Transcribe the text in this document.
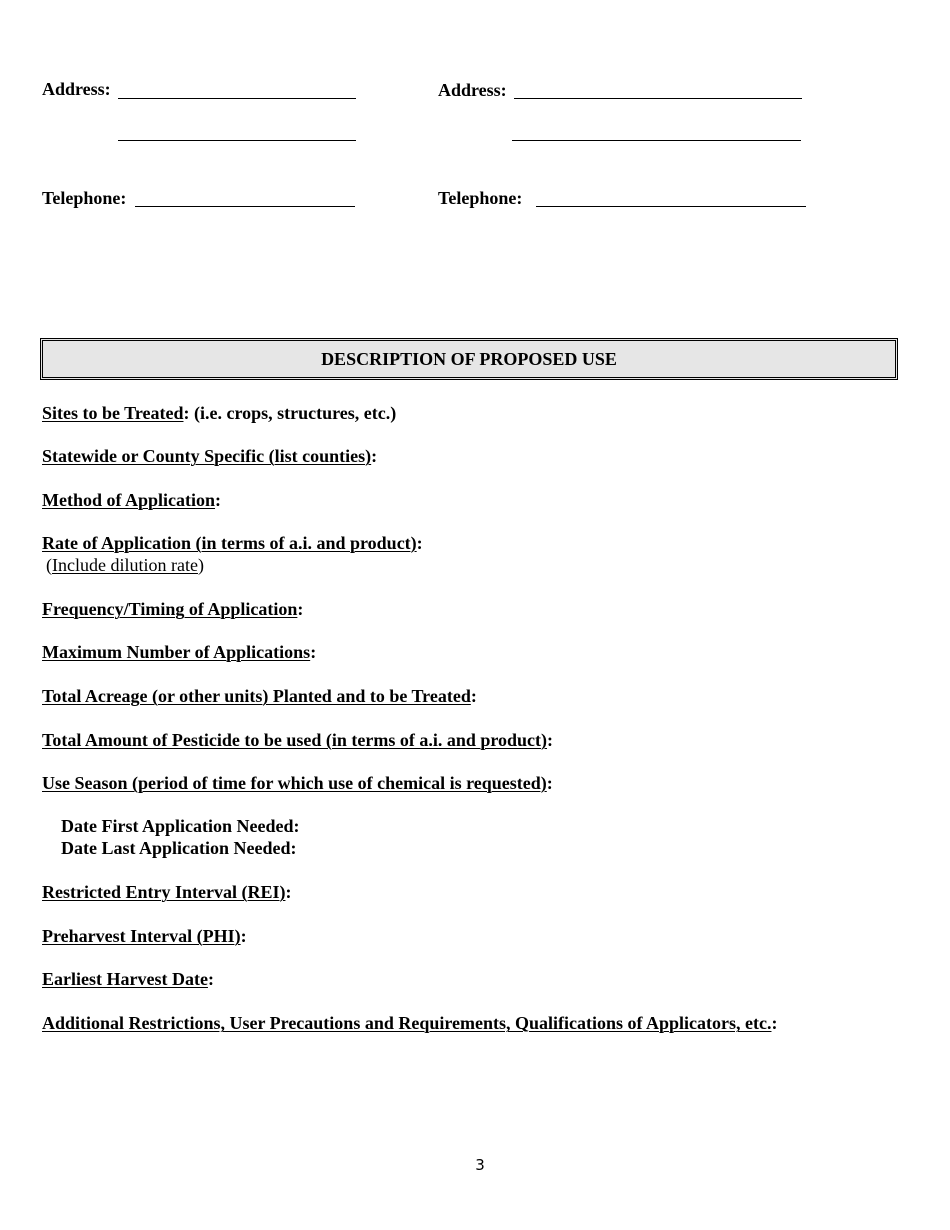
Address:	Address:
Telephone:	Telephone:
DESCRIPTION OF PROPOSED USE
Sites to be Treated: (i.e. crops, structures, etc.)
Statewide or County Specific (list counties):
Method of Application:
Rate of Application (in terms of a.i. and product):
(Include dilution rate)
Frequency/Timing of Application:
Maximum Number of Applications:
Total Acreage (or other units) Planted and to be Treated:
Total Amount of Pesticide to be used (in terms of a.i. and product):
Use Season (period of time for which use of chemical is requested):
Date First Application Needed:
Date Last Application Needed:
Restricted Entry Interval (REI):
Preharvest Interval (PHI):
Earliest Harvest Date:
Additional Restrictions, User Precautions and Requirements, Qualifications of Applicators, etc.:
3
